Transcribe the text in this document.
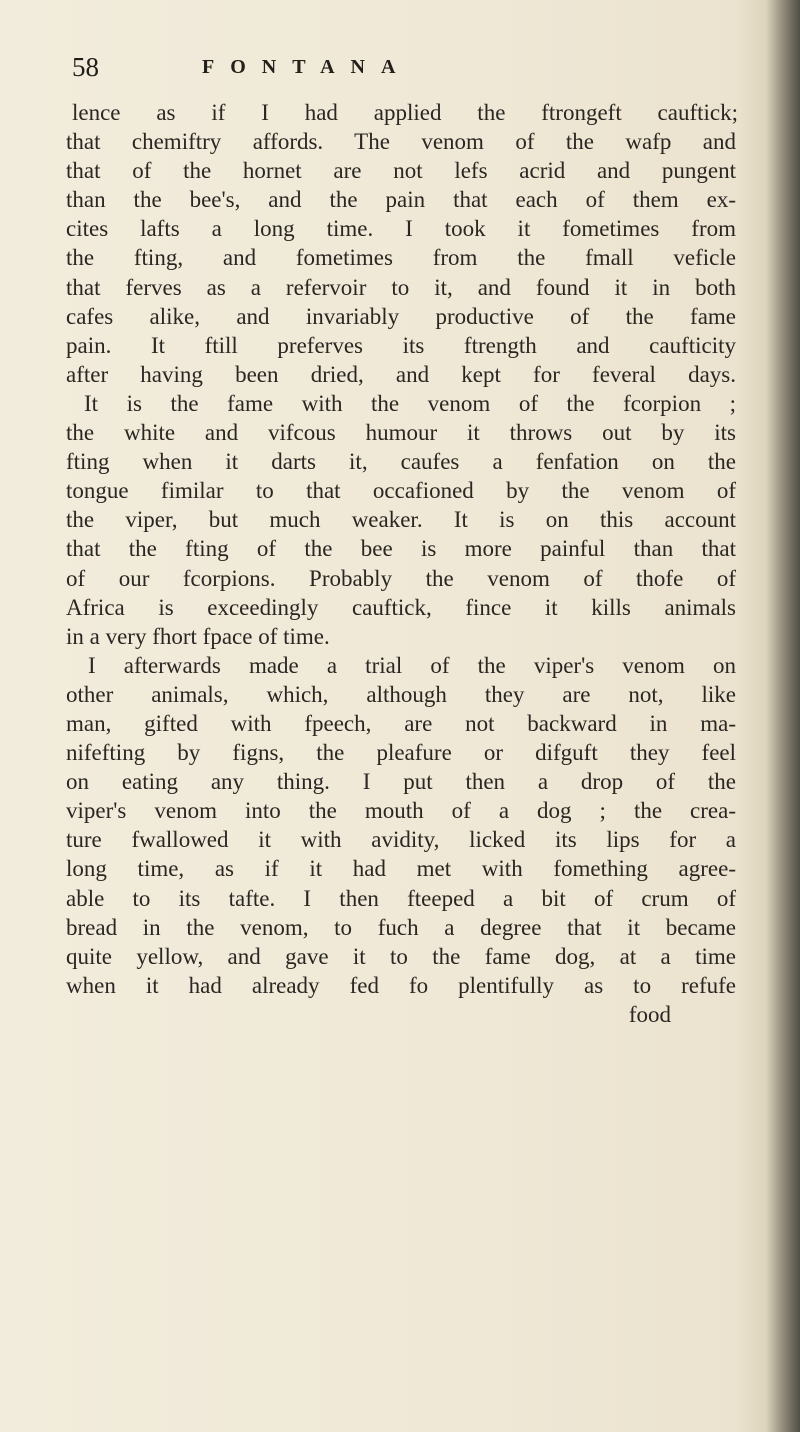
58	FONTANA
lence as if I had applied the ftrongeft cauftick;
that chemiftry affords. The venom of the wafp and
that of the hornet are not lefs acrid and pungent
than the bee's, and the pain that each of them ex-
cites lafts a long time. I took it fometimes from
the fting, and fometimes from the fmall veficle
that ferves as a refervoir to it, and found it in both
cafes alike, and invariably productive of the fame
pain. It ftill preferves its ftrength and caufticity
after having been dried, and kept for feveral days.
It is the fame with the venom of the fcorpion ;
the white and vifcous humour it throws out by its
fting when it darts it, caufes a fenfation on the
tongue fimilar to that occafioned by the venom of
the viper, but much weaker. It is on this account
that the fting of the bee is more painful than that
of our fcorpions. Probably the venom of thofe of
Africa is exceedingly cauftick, fince it kills animals
in a very fhort fpace of time.
I afterwards made a trial of the viper's venom on
other animals, which, although they are not, like
man, gifted with fpeech, are not backward in ma-
nifefting by figns, the pleafure or difguft they feel
on eating any thing. I put then a drop of the
viper's venom into the mouth of a dog ; the crea-
ture fwallowed it with avidity, licked its lips for a
long time, as if it had met with fomething agree-
able to its tafte. I then fteeped a bit of crum of
bread in the venom, to fuch a degree that it became
quite yellow, and gave it to the fame dog, at a time
when it had already fed fo plentifully as to refufe
food
